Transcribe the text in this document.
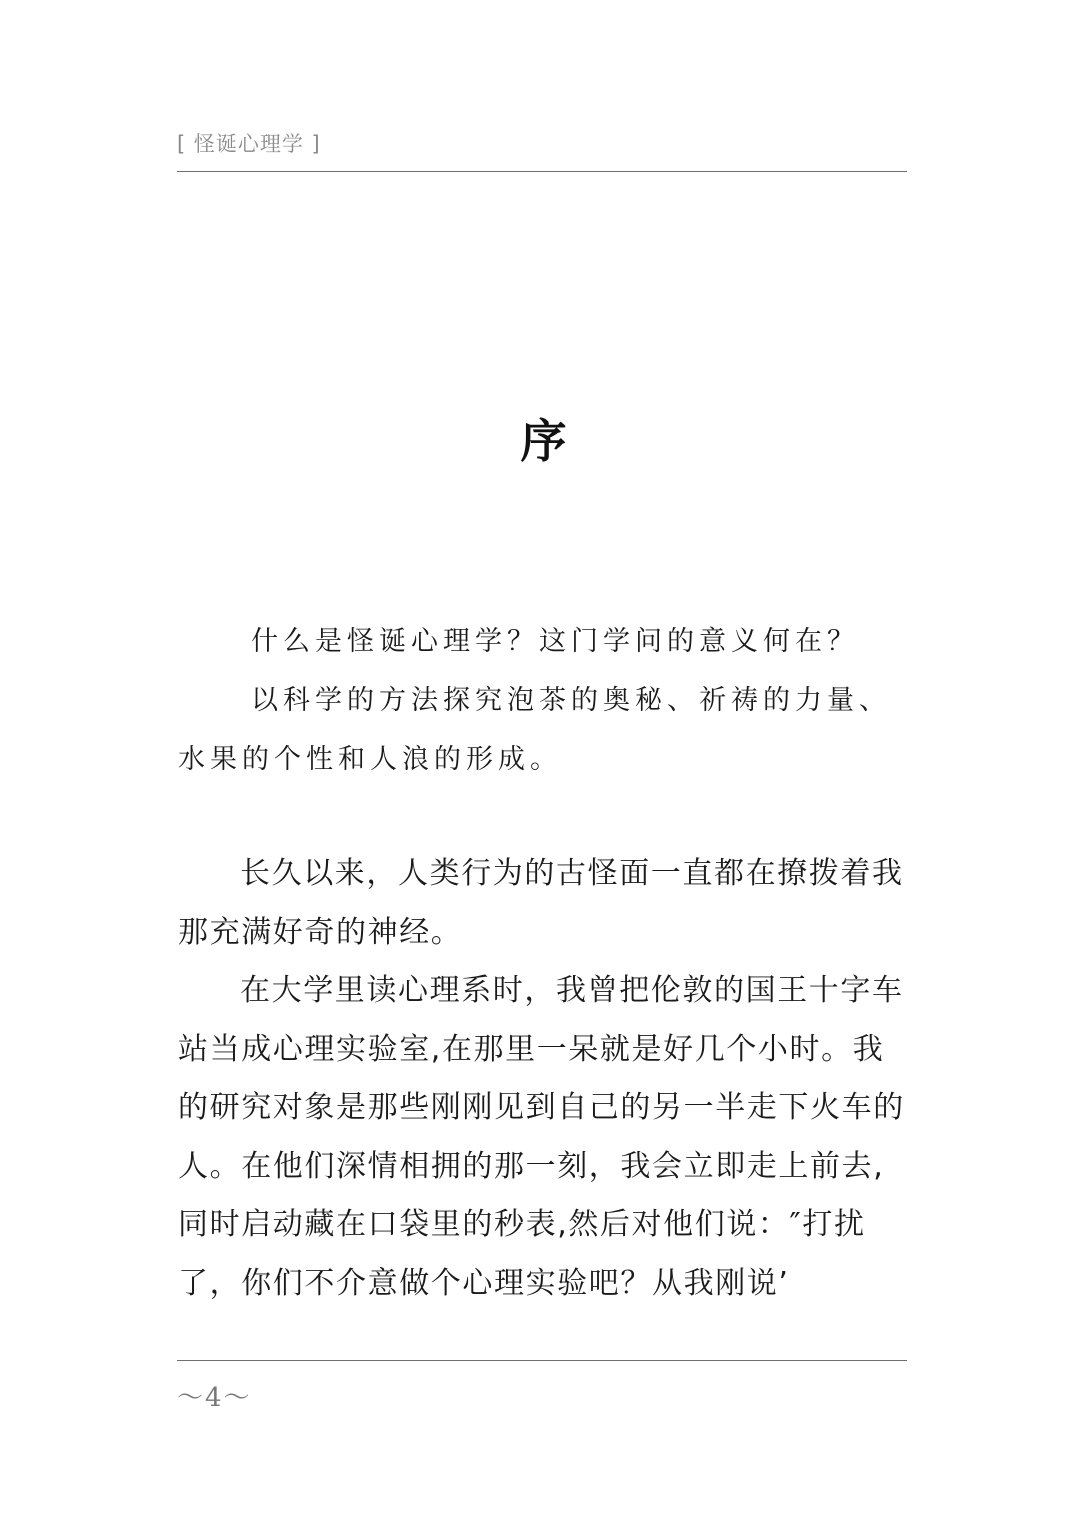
[ 怪诞心理学 ]
序

什么是怪诞心理学？这门学问的意义何在？

以科学的方法探究泡茶的奥秘、祈祷的力量、水果的个性和人浪的形成。

长久以来，人类行为的古怪面一直都在撩拨着我那充满好奇的神经。

在大学里读心理系时，我曾把伦敦的国王十字车站当成心理实验室,在那里一呆就是好几个小时。我的研究对象是那些刚刚见到自己的另一半走下火车的人。在他们深情相拥的那一刻，我会立即走上前去,同时启动藏在口袋里的秒表,然后对他们说：″打扰了，你们不介意做个心理实验吧？从我刚说’

～4～
